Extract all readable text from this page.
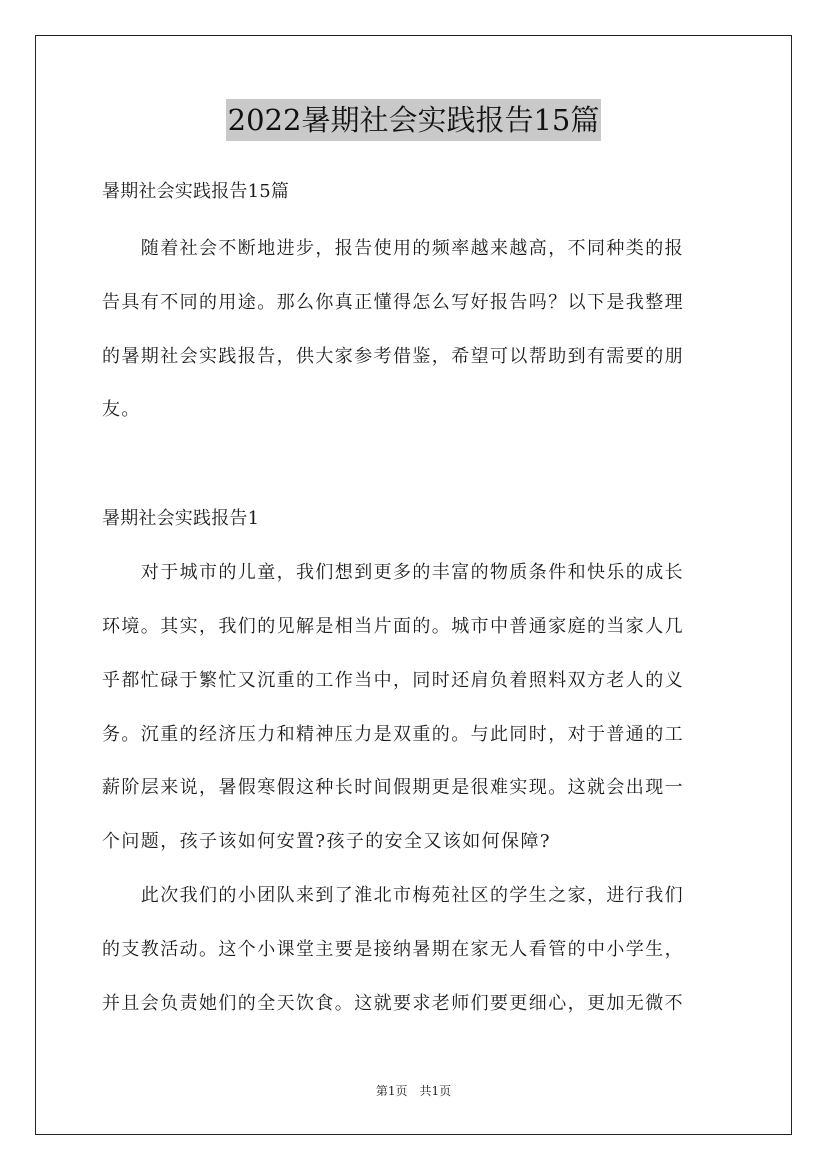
2022暑期社会实践报告15篇
暑期社会实践报告15篇
　　随着社会不断地进步，报告使用的频率越来越高，不同种类的报
告具有不同的用途。那么你真正懂得怎么写好报告吗？以下是我整理
的暑期社会实践报告，供大家参考借鉴，希望可以帮助到有需要的朋
友。
暑期社会实践报告1
　　对于城市的儿童，我们想到更多的丰富的物质条件和快乐的成长
环境。其实，我们的见解是相当片面的。城市中普通家庭的当家人几
乎都忙碌于繁忙又沉重的工作当中，同时还肩负着照料双方老人的义
务。沉重的经济压力和精神压力是双重的。与此同时，对于普通的工
薪阶层来说，暑假寒假这种长时间假期更是很难实现。这就会出现一
个问题，孩子该如何安置?孩子的安全又该如何保障?
　　此次我们的小团队来到了淮北市梅苑社区的学生之家，进行我们
的支教活动。这个小课堂主要是接纳暑期在家无人看管的中小学生，
并且会负责她们的全天饮食。这就要求老师们要更细心，更加无微不
第1页　共1页
